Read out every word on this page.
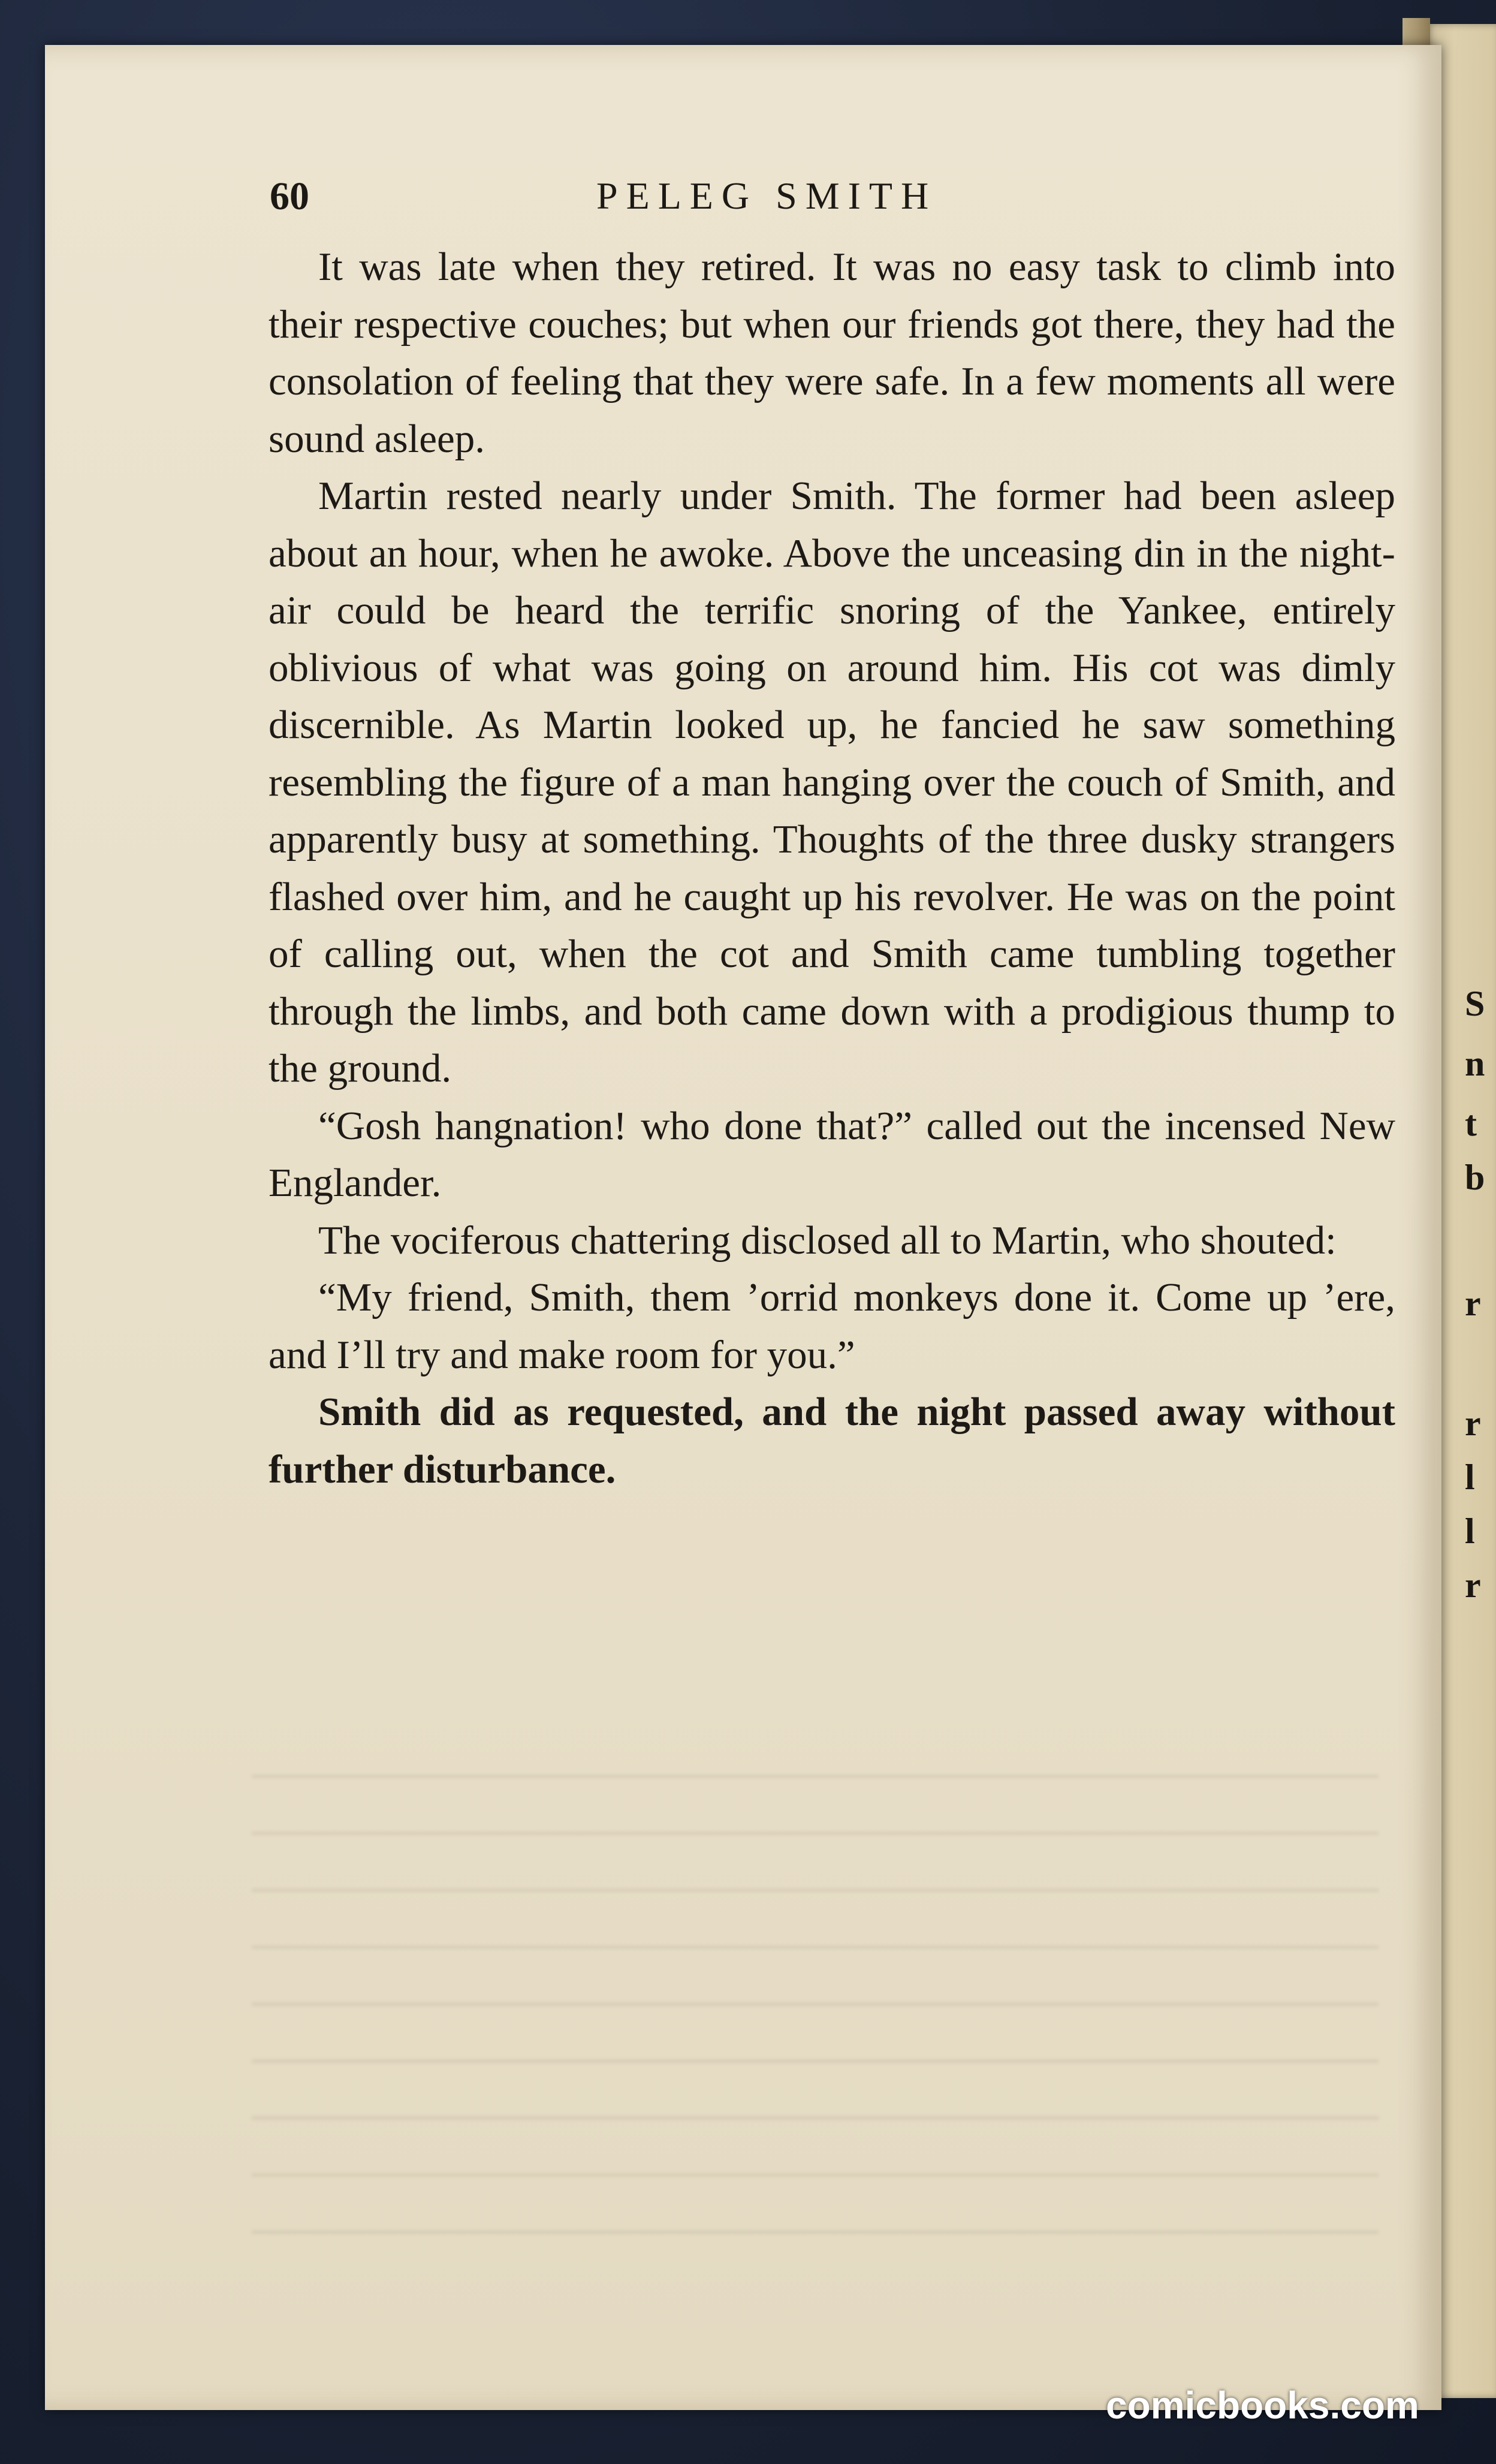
S
n
t
b
r
r
l
l
r
60	PELEG SMITH

It was late when they retired. It was no easy task to climb into their respective couches; but when our friends got there, they had the consolation of feeling that they were safe. In a few moments all were sound asleep.

Martin rested nearly under Smith. The former had been asleep about an hour, when he awoke. Above the unceasing din in the night-air could be heard the terrific snoring of the Yankee, entirely oblivious of what was going on around him. His cot was dimly discernible. As Martin looked up, he fancied he saw something resembling the figure of a man hanging over the couch of Smith, and apparently busy at something. Thoughts of the three dusky strangers flashed over him, and he caught up his revolver. He was on the point of calling out, when the cot and Smith came tumbling together through the limbs, and both came down with a prodigious thump to the ground.

“Gosh hangnation! who done that?” called out the incensed New Englander.

The vociferous chattering disclosed all to Martin, who shouted:

“My friend, Smith, them ’orrid monkeys done it. Come up ’ere, and I’ll try and make room for you.”

Smith did as requested, and the night passed away without further disturbance.

comicbooks.com
